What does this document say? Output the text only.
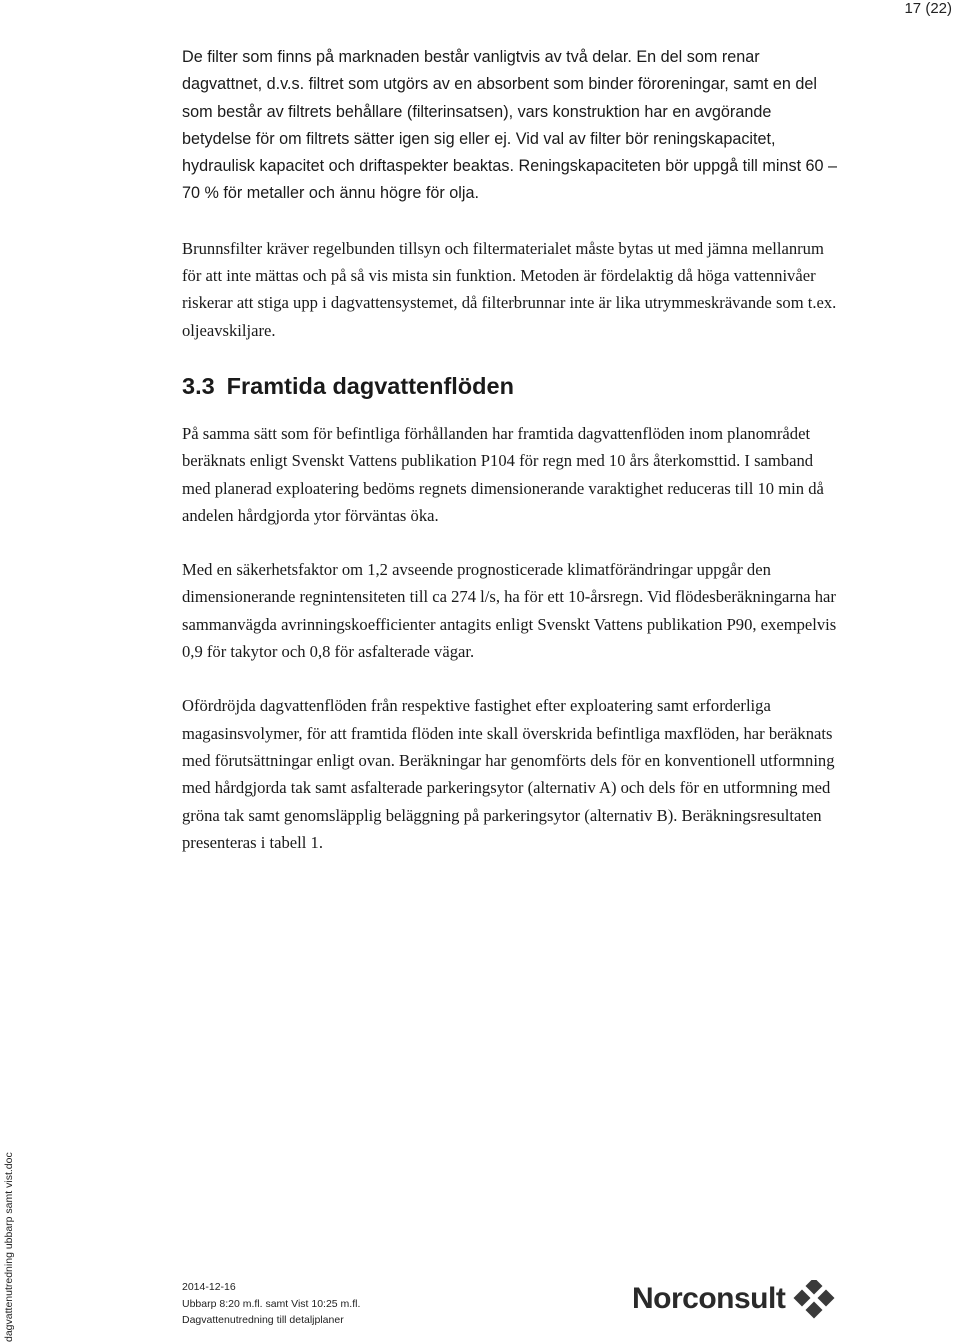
17 (22)

De filter som finns på marknaden består vanligtvis av två delar. En del som renar dagvattnet, d.v.s. filtret som utgörs av en absorbent som binder föroreningar, samt en del som består av filtrets behållare (filterinsatsen), vars konstruktion har en avgörande betydelse för om filtrets sätter igen sig eller ej. Vid val av filter bör reningskapacitet, hydraulisk kapacitet och driftaspekter beaktas. Reningskapaciteten bör uppgå till minst 60 – 70 % för metaller och ännu högre för olja.

Brunnsfilter kräver regelbunden tillsyn och filtermaterialet måste bytas ut med jämna mellanrum för att inte mättas och på så vis mista sin funktion. Metoden är fördelaktig då höga vattennivåer riskerar att stiga upp i dagvattensystemet, då filterbrunnar inte är lika utrymmeskrävande som t.ex. oljeavskiljare.

3.3 Framtida dagvattenflöden

På samma sätt som för befintliga förhållanden har framtida dagvattenflöden inom planområdet beräknats enligt Svenskt Vattens publikation P104 för regn med 10 års återkomsttid. I samband med planerad exploatering bedöms regnets dimensionerande varaktighet reduceras till 10 min då andelen hårdgjorda ytor förväntas öka.

Med en säkerhetsfaktor om 1,2 avseende prognosticerade klimatförändringar uppgår den dimensionerande regnintensiteten till ca 274 l/s, ha för ett 10-årsregn. Vid flödesberäkningarna har sammanvägda avrinningskoefficienter antagits enligt Svenskt Vattens publikation P90, exempelvis 0,9 för takytor och 0,8 för asfalterade vägar.

Ofördröjda dagvattenflöden från respektive fastighet efter exploatering samt erforderliga magasinsvolymer, för att framtida flöden inte skall överskrida befintliga maxflöden, har beräknats med förutsättningar enligt ovan. Beräkningar har genomförts dels för en konventionell utformning med hårdgjorda tak samt asfalterade parkeringsytor (alternativ A) och dels för en utformning med gröna tak samt genomsläpplig beläggning på parkeringsytor (alternativ B). Beräkningsresultaten presenteras i tabell 1.

dagvattenutredning ubbarp samt vist.doc	2014-12-16
Ubbarp 8:20 m.fl. samt Vist 10:25 m.fl.
Dagvattenutredning till detaljplaner
Norconsult
